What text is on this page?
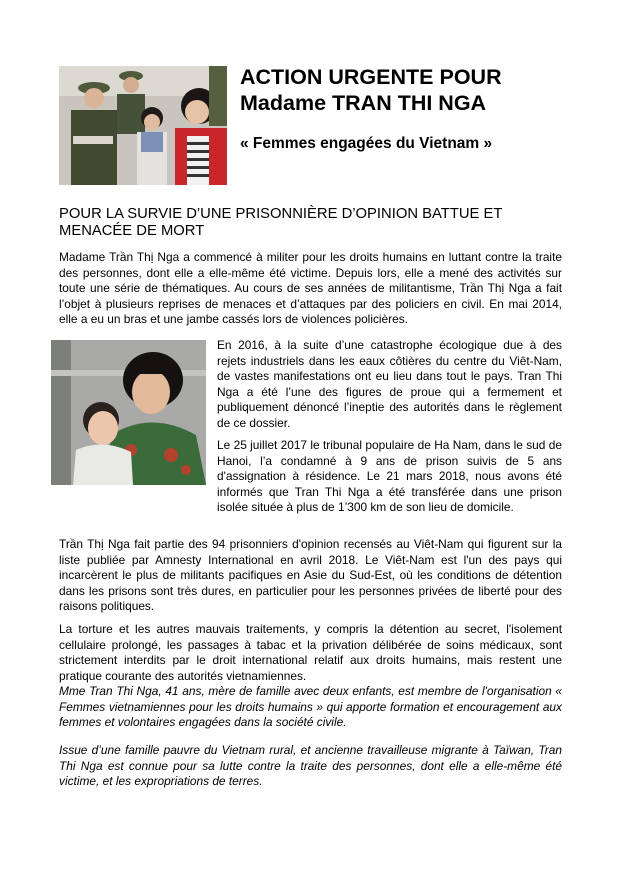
ACTION URGENTE POUR
Madame TRAN THI NGA

« Femmes engagées du Vietnam »

POUR LA SURVIE D’UNE PRISONNIÈRE D’OPINION BATTUE ET MENACÉE DE MORT

Madame Trần Thị Nga a commencé à militer pour les droits humains en luttant contre la traite des personnes, dont elle a elle-même été victime. Depuis lors, elle a mené des activités sur toute une série de thématiques. Au cours de ses années de militantisme, Trần Thị Nga a fait l’objet à plusieurs reprises de menaces et d’attaques par des policiers en civil. En mai 2014, elle a eu un bras et une jambe cassés lors de violences policières.

En 2016, à la suite d’une catastrophe écologique due à des rejets industriels dans les eaux côtières du centre du Viêt-Nam, de vastes manifestations ont eu lieu dans tout le pays. Tran Thi Nga a été l’une des figures de proue qui a fermement et publiquement dénoncé l’ineptie des autorités dans le règlement de ce dossier.

Le 25 juillet 2017 le tribunal populaire de Ha Nam, dans le sud de Hanoi, l’a condamné à 9 ans de prison suivis de 5 ans d'assignation à résidence. Le 21 mars 2018, nous avons été informés que Tran Thi Nga a été transférée dans une prison isolée située à plus de 1’300 km de son lieu de domicile.

Trần Thị Nga fait partie des 94 prisonniers d'opinion recensés au Viêt-Nam qui figurent sur la liste publiée par Amnesty International en avril 2018. Le Viêt-Nam est l'un des pays qui incarcèrent le plus de militants pacifiques en Asie du Sud-Est, où les conditions de détention dans les prisons sont très dures, en particulier pour les personnes privées de liberté pour des raisons politiques.

La torture et les autres mauvais traitements, y compris la détention au secret, l'isolement cellulaire prolongé, les passages à tabac et la privation délibérée de soins médicaux, sont strictement interdits par le droit international relatif aux droits humains, mais restent une pratique courante des autorités vietnamiennes.

Mme Tran Thi Nga, 41 ans, mère de famille avec deux enfants, est membre de l'organisation « Femmes vietnamiennes pour les droits humains » qui apporte formation et encouragement aux femmes et volontaires engagées dans la société civile.

Issue d’une famille pauvre du Vietnam rural, et ancienne travailleuse migrante à Taïwan, Tran Thi Nga est connue pour sa lutte contre la traite des personnes, dont elle a elle-même été victime, et les expropriations de terres.
